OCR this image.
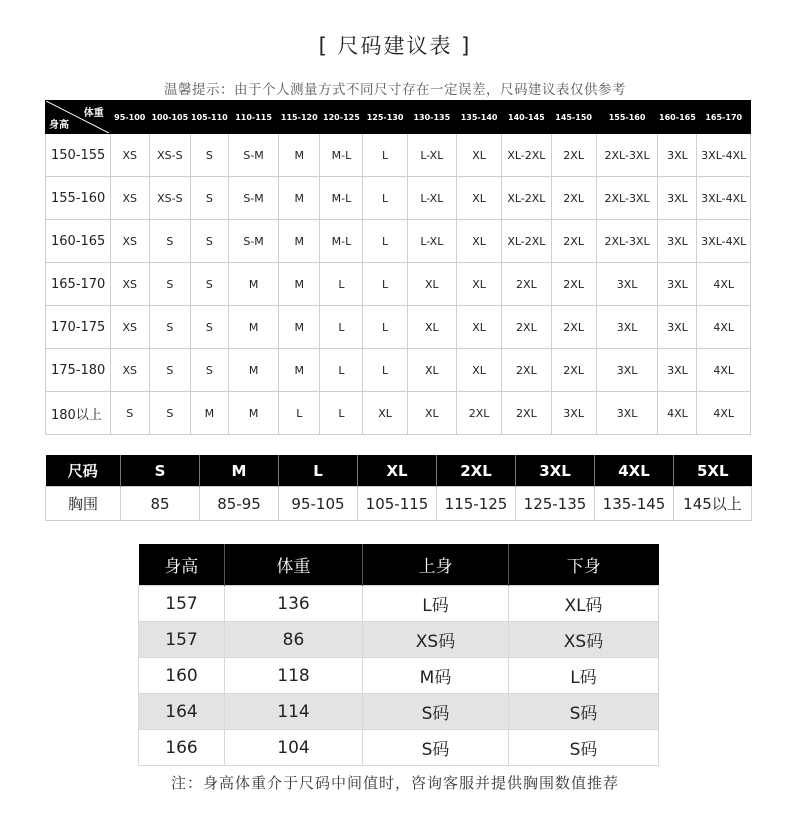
[ 尺码建议表 ]
温馨提示：由于个人测量方式不同尺寸存在一定误差，尺码建议表仅供参考
体重
身高	95-100	100-105	105-110	110-115	115-120	120-125	125-130	130-135	135-140	140-145	145-150	155-160	160-165	165-170
150-155	XS	XS-S	S	S-M	M	M-L	L	L-XL	XL	XL-2XL	2XL	2XL-3XL	3XL	3XL-4XL
155-160	XS	XS-S	S	S-M	M	M-L	L	L-XL	XL	XL-2XL	2XL	2XL-3XL	3XL	3XL-4XL
160-165	XS	S	S	S-M	M	M-L	L	L-XL	XL	XL-2XL	2XL	2XL-3XL	3XL	3XL-4XL
165-170	XS	S	S	M	M	L	L	XL	XL	2XL	2XL	3XL	3XL	4XL
170-175	XS	S	S	M	M	L	L	XL	XL	2XL	2XL	3XL	3XL	4XL
175-180	XS	S	S	M	M	L	L	XL	XL	2XL	2XL	3XL	3XL	4XL
180以上	S	S	M	M	L	L	XL	XL	2XL	2XL	3XL	3XL	4XL	4XL
尺码	S	M	L	XL	2XL	3XL	4XL	5XL
胸围	85	85-95	95-105	105-115	115-125	125-135	135-145	145以上
身高	体重	上身	下身
157	136	L码	XL码
157	86	XS码	XS码
160	118	M码	L码
164	114	S码	S码
166	104	S码	S码
注：身高体重介于尺码中间值时，咨询客服并提供胸围数值推荐
